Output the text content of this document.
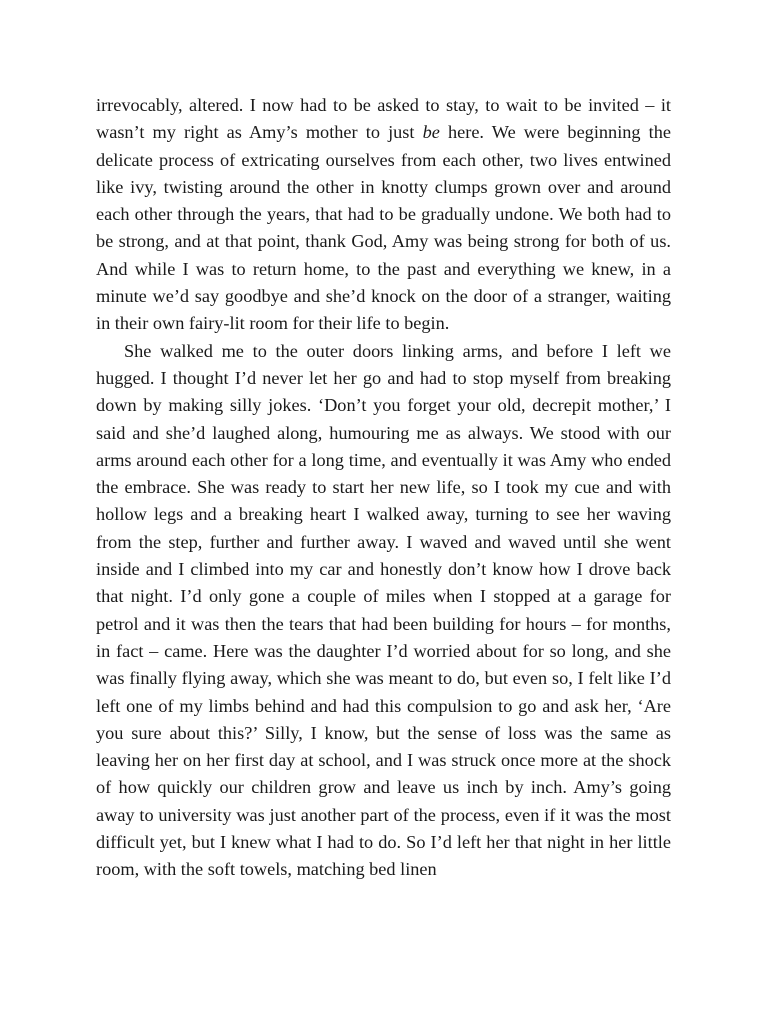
irrevocably, altered. I now had to be asked to stay, to wait to be invited – it wasn’t my right as Amy’s mother to just be here. We were beginning the delicate process of extricating ourselves from each other, two lives entwined like ivy, twisting around the other in knotty clumps grown over and around each other through the years, that had to be gradually undone. We both had to be strong, and at that point, thank God, Amy was being strong for both of us. And while I was to return home, to the past and everything we knew, in a minute we’d say goodbye and she’d knock on the door of a stranger, waiting in their own fairy-lit room for their life to begin.

She walked me to the outer doors linking arms, and before I left we hugged. I thought I’d never let her go and had to stop myself from breaking down by making silly jokes. ‘Don’t you forget your old, decrepit mother,’ I said and she’d laughed along, humouring me as always. We stood with our arms around each other for a long time, and eventually it was Amy who ended the embrace. She was ready to start her new life, so I took my cue and with hollow legs and a breaking heart I walked away, turning to see her waving from the step, further and further away. I waved and waved until she went inside and I climbed into my car and honestly don’t know how I drove back that night. I’d only gone a couple of miles when I stopped at a garage for petrol and it was then the tears that had been building for hours – for months, in fact – came. Here was the daughter I’d worried about for so long, and she was finally flying away, which she was meant to do, but even so, I felt like I’d left one of my limbs behind and had this compulsion to go and ask her, ‘Are you sure about this?’ Silly, I know, but the sense of loss was the same as leaving her on her first day at school, and I was struck once more at the shock of how quickly our children grow and leave us inch by inch. Amy’s going away to university was just another part of the process, even if it was the most difficult yet, but I knew what I had to do. So I’d left her that night in her little room, with the soft towels, matching bed linen
